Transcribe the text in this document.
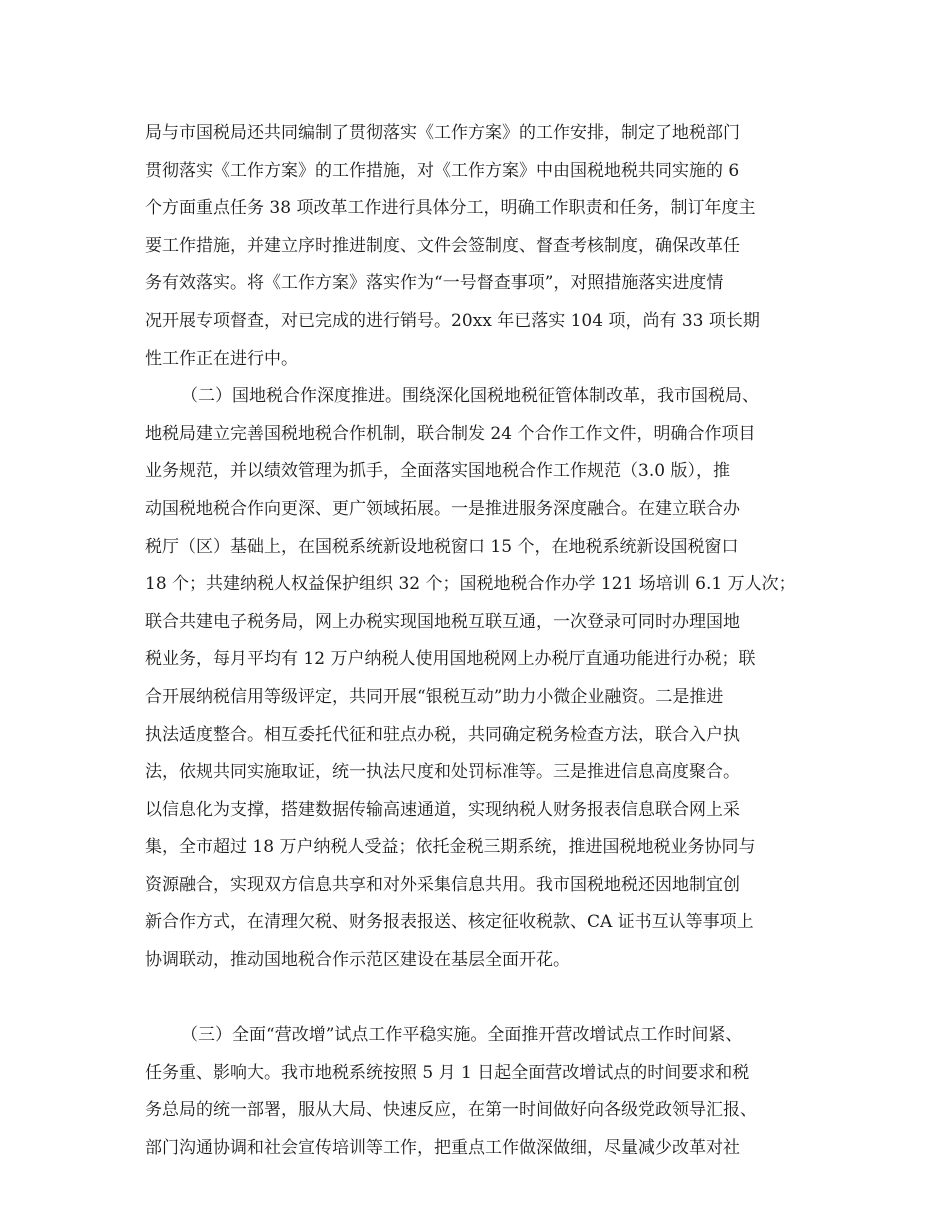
局与市国税局还共同编制了贯彻落实《工作方案》的工作安排，制定了地税部门
贯彻落实《工作方案》的工作措施，对《工作方案》中由国税地税共同实施的 6
个方面重点任务 38 项改革工作进行具体分工，明确工作职责和任务，制订年度主
要工作措施，并建立序时推进制度、文件会签制度、督查考核制度，确保改革任
务有效落实。将《工作方案》落实作为“一号督查事项”，对照措施落实进度情
况开展专项督查，对已完成的进行销号。20xx 年已落实 104 项，尚有 33 项长期
性工作正在进行中。
（二）国地税合作深度推进。围绕深化国税地税征管体制改革，我市国税局、
地税局建立完善国税地税合作机制，联合制发 24 个合作工作文件，明确合作项目
业务规范，并以绩效管理为抓手，全面落实国地税合作工作规范（3.0 版），推
动国税地税合作向更深、更广领域拓展。一是推进服务深度融合。在建立联合办
税厅（区）基础上，在国税系统新设地税窗口 15 个，在地税系统新设国税窗口
18 个；共建纳税人权益保护组织 32 个；国税地税合作办学 121 场培训 6.1 万人次；
联合共建电子税务局，网上办税实现国地税互联互通，一次登录可同时办理国地
税业务，每月平均有 12 万户纳税人使用国地税网上办税厅直通功能进行办税；联
合开展纳税信用等级评定，共同开展“银税互动”助力小微企业融资。二是推进
执法适度整合。相互委托代征和驻点办税，共同确定税务检查方法，联合入户执
法，依规共同实施取证，统一执法尺度和处罚标准等。三是推进信息高度聚合。
以信息化为支撑，搭建数据传输高速通道，实现纳税人财务报表信息联合网上采
集，全市超过 18 万户纳税人受益；依托金税三期系统，推进国税地税业务协同与
资源融合，实现双方信息共享和对外采集信息共用。我市国税地税还因地制宜创
新合作方式，在清理欠税、财务报表报送、核定征收税款、CA 证书互认等事项上
协调联动，推动国地税合作示范区建设在基层全面开花。
（三）全面“营改增”试点工作平稳实施。全面推开营改增试点工作时间紧、
任务重、影响大。我市地税系统按照 5 月 1 日起全面营改增试点的时间要求和税
务总局的统一部署，服从大局、快速反应，在第一时间做好向各级党政领导汇报、
部门沟通协调和社会宣传培训等工作，把重点工作做深做细，尽量减少改革对社
